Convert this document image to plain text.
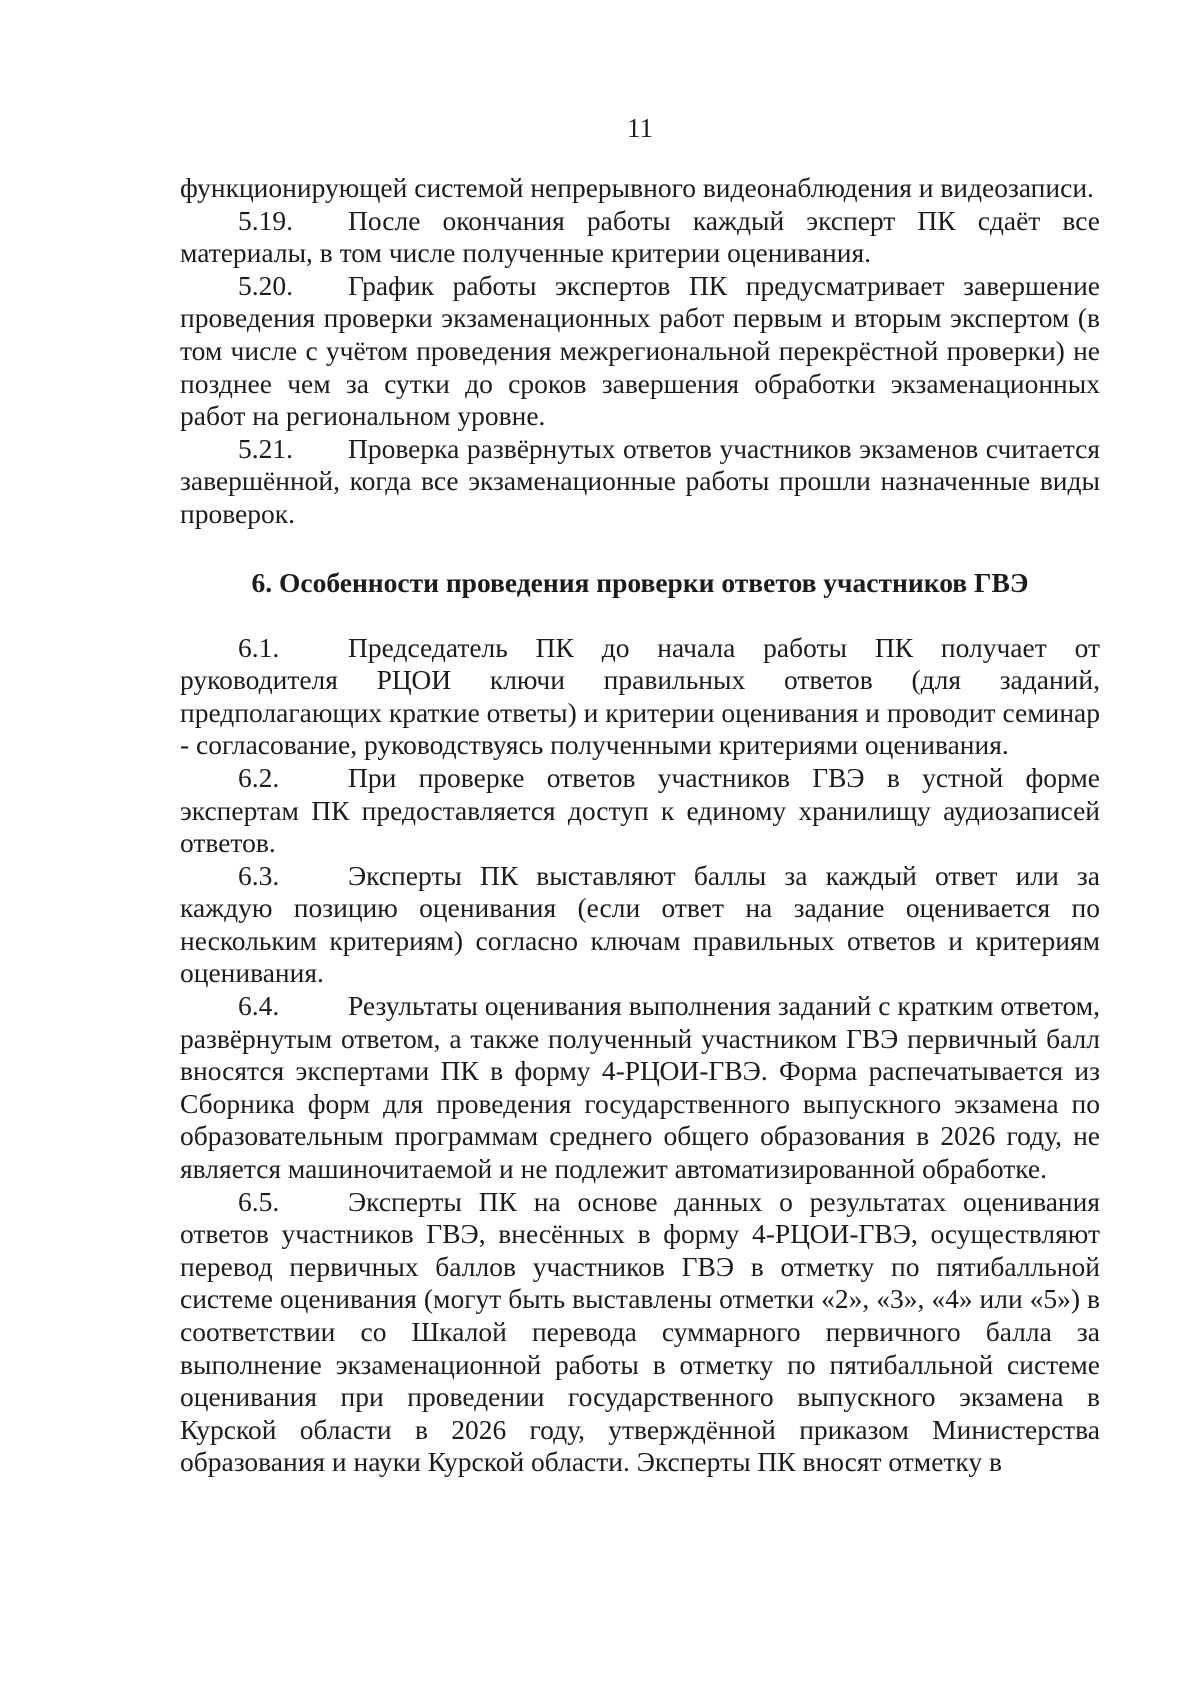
11

функционирующей системой непрерывного видеонаблюдения и видеозаписи.

5.19. После окончания работы каждый эксперт ПК сдаёт все материалы, в том числе полученные критерии оценивания.

5.20. График работы экспертов ПК предусматривает завершение проведения проверки экзаменационных работ первым и вторым экспертом (в том числе с учётом проведения межрегиональной перекрёстной проверки) не позднее чем за сутки до сроков завершения обработки экзаменационных работ на региональном уровне.

5.21. Проверка развёрнутых ответов участников экзаменов считается завершённой, когда все экзаменационные работы прошли назначенные виды проверок.

6. Особенности проведения проверки ответов участников ГВЭ

6.1.	Председатель ПК до начала работы ПК получает от руководителя РЦОИ ключи правильных ответов (для заданий, предполагающих краткие ответы) и критерии оценивания и проводит семинар - согласование, руководствуясь полученными критериями оценивания.

6.2.	При проверке ответов участников ГВЭ в устной форме экспертам ПК предоставляется доступ к единому хранилищу аудиозаписей ответов.

6.3.	Эксперты ПК выставляют баллы за каждый ответ или за каждую позицию оценивания (если ответ на задание оценивается по нескольким критериям) согласно ключам правильных ответов и критериям оценивания.

6.4.	Результаты оценивания выполнения заданий с кратким ответом, развёрнутым ответом, а также полученный участником ГВЭ первичный балл вносятся экспертами ПК в форму 4-РЦОИ-ГВЭ. Форма распечатывается из Сборника форм для проведения государственного выпускного экзамена по образовательным программам среднего общего образования в 2026 году, не является машиночитаемой и не подлежит автоматизированной обработке.

6.5.	Эксперты ПК на основе данных о результатах оценивания ответов участников ГВЭ, внесённых в форму 4-РЦОИ-ГВЭ, осуществляют перевод первичных баллов участников ГВЭ в отметку по пятибалльной системе оценивания (могут быть выставлены отметки «2», «3», «4» или «5») в соответствии со Шкалой перевода суммарного первичного балла за выполнение экзаменационной работы в отметку по пятибалльной системе оценивания при проведении государственного выпускного экзамена в Курской области в 2026 году, утверждённой приказом Министерства образования и науки Курской области. Эксперты ПК вносят отметку в
